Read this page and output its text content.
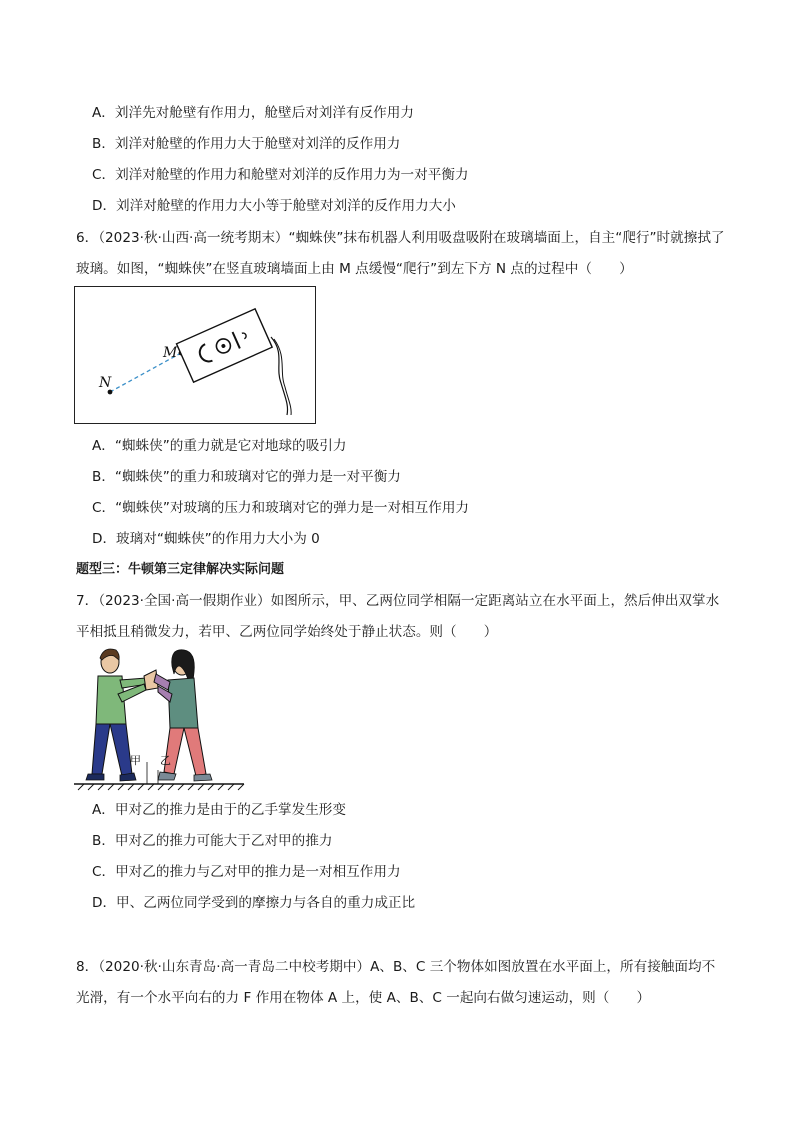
A．刘洋先对舱壁有作用力，舱壁后对刘洋有反作用力
B．刘洋对舱壁的作用力大于舱壁对刘洋的反作用力
C．刘洋对舱壁的作用力和舱壁对刘洋的反作用力为一对平衡力
D．刘洋对舱壁的作用力大小等于舱壁对刘洋的反作用力大小
6．（2023·秋·山西·高一统考期末）“蜘蛛侠”抹布机器人利用吸盘吸附在玻璃墙面上，自主“爬行”时就擦拭了
玻璃。如图，“蜘蛛侠”在竖直玻璃墙面上由 M 点缓慢“爬行”到左下方 N 点的过程中（　　）
M
N
A．“蜘蛛侠”的重力就是它对地球的吸引力
B．“蜘蛛侠”的重力和玻璃对它的弹力是一对平衡力
C．“蜘蛛侠”对玻璃的压力和玻璃对它的弹力是一对相互作用力
D．玻璃对“蜘蛛侠”的作用力大小为 0
题型三：牛顿第三定律解决实际问题
7．（2023·全国·高一假期作业）如图所示，甲、乙两位同学相隔一定距离站立在水平面上，然后伸出双掌水
平相抵且稍微发力，若甲、乙两位同学始终处于静止状态。则（　　）
甲 乙
A．甲对乙的推力是由于的乙手掌发生形变
B．甲对乙的推力可能大于乙对甲的推力
C．甲对乙的推力与乙对甲的推力是一对相互作用力
D．甲、乙两位同学受到的摩擦力与各自的重力成正比
8．（2020·秋·山东青岛·高一青岛二中校考期中）A、B、C 三个物体如图放置在水平面上，所有接触面均不
光滑，有一个水平向右的力 F 作用在物体 A 上，使 A、B、C 一起向右做匀速运动，则（　　）
